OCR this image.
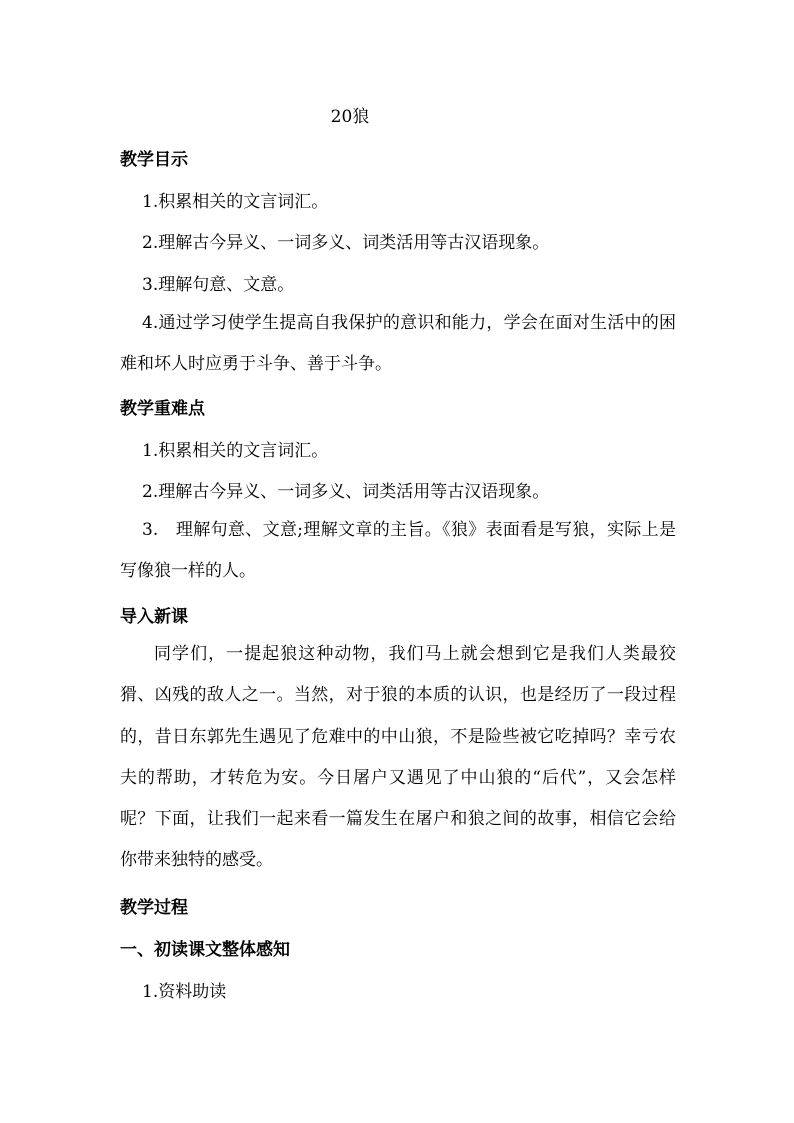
20狼
教学目示
1.积累相关的文言词汇。
2.理解古今异义、一词多义、词类活用等古汉语现象。
3.理解句意、文意。
4.通过学习使学生提高自我保护的意识和能力，学会在面对生活中的困难和坏人时应勇于斗争、善于斗争。
教学重难点
1.积累相关的文言词汇。
2.理解古今异义、一词多义、词类活用等古汉语现象。
3.　理解句意、文意;理解文章的主旨。《狼》表面看是写狼，实际上是写像狼一样的人。
导入新课
同学们，一提起狼这种动物，我们马上就会想到它是我们人类最狡猾、凶残的敌人之一。当然，对于狼的本质的认识，也是经历了一段过程的，昔日东郭先生遇见了危难中的中山狼，不是险些被它吃掉吗？幸亏农夫的帮助，才转危为安。今日屠户又遇见了中山狼的“后代”，又会怎样呢？下面，让我们一起来看一篇发生在屠户和狼之间的故事，相信它会给你带来独特的感受。
教学过程
一、初读课文整体感知
1.资料助读
